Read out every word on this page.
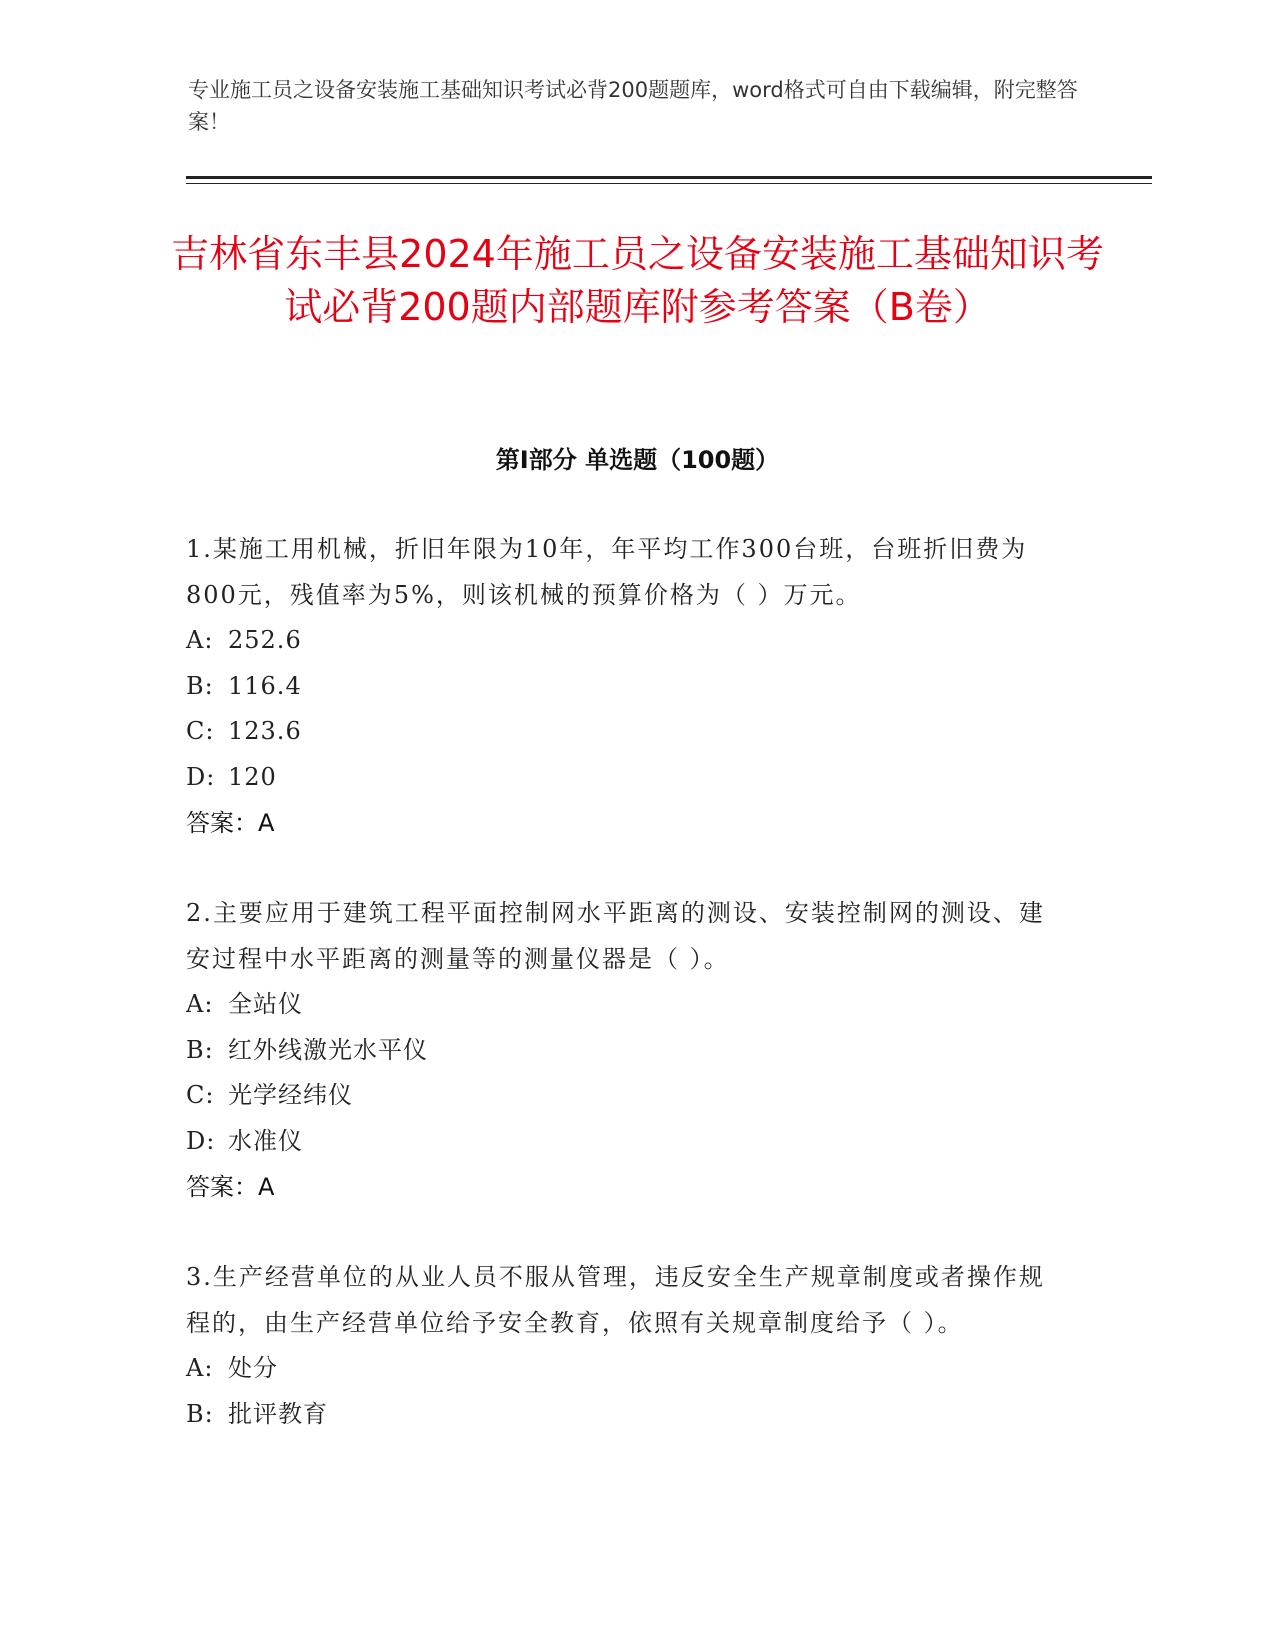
专业施工员之设备安装施工基础知识考试必背200题题库，word格式可自由下载编辑，附完整答案！
吉林省东丰县2024年施工员之设备安装施工基础知识考试必背200题内部题库附参考答案（B卷）
第Ⅰ部分 单选题（100题）
1.某施工用机械，折旧年限为10年，年平均工作300台班，台班折旧费为800元，残值率为5%，则该机械的预算价格为（ ）万元。
A: 252.6
B: 116.4
C: 123.6
D: 120
答案：A
2.主要应用于建筑工程平面控制网水平距离的测设、安装控制网的测设、建安过程中水平距离的测量等的测量仪器是（ ）。
A: 全站仪
B: 红外线激光水平仪
C: 光学经纬仪
D: 水准仪
答案：A
3.生产经营单位的从业人员不服从管理，违反安全生产规章制度或者操作规程的，由生产经营单位给予安全教育，依照有关规章制度给予（ ）。
A: 处分
B: 批评教育
